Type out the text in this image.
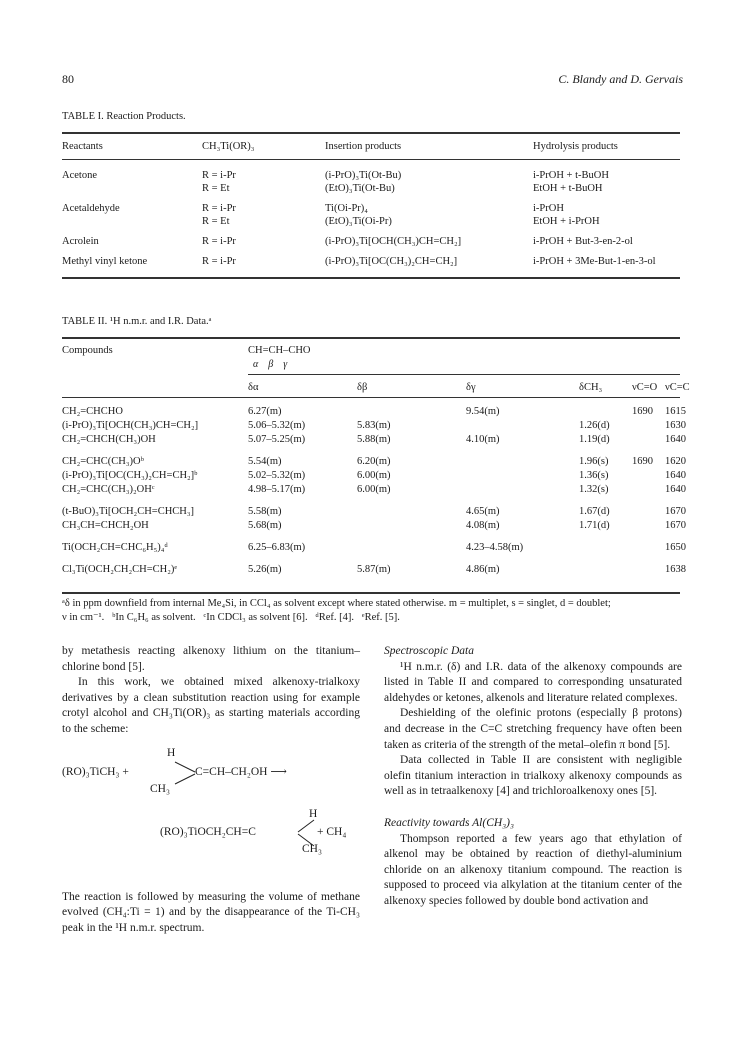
80	C. Blandy and D. Gervais
TABLE I. Reaction Products.
Reactants	CH₃Ti(OR)₃	Insertion products	Hydrolysis products
Acetone	R = i-Pr	(i-PrO)₃Ti(Ot-Bu)	i-PrOH + t-BuOH
	R = Et	(EtO)₃Ti(Ot-Bu)	EtOH + t-BuOH
Acetaldehyde	R = i-Pr	Ti(Oi-Pr)₄	i-PrOH
	R = Et	(EtO)₃Ti(Oi-Pr)	EtOH + i-PrOH
Acrolein	R = i-Pr	(i-PrO)₃Ti[OCH(CH₃)CH=CH₂]	i-PrOH + But-3-en-2-ol
Methyl vinyl ketone	R = i-Pr	(i-PrO)₃Ti[OC(CH₃)₂CH=CH₂]	i-PrOH + 3Me-But-1-en-3-ol
TABLE II. ¹H n.m.r. and I.R. Data.ᵃ
Compounds	CH=CH–CHO
α    β    γ
	δα	δβ	δγ	δCH₃	νC=O	νC=C
CH₂=CHCHO	6.27(m)		9.54(m)		1690	1615
(i-PrO)₃Ti[OCH(CH₃)CH=CH₂]	5.06–5.32(m)	5.83(m)		1.26(d)		1630
CH₂=CHCH(CH₃)OH	5.07–5.25(m)	5.88(m)	4.10(m)	1.19(d)		1640
CH₂=CHC(CH₃)Oᵇ	5.54(m)	6.20(m)		1.96(s)	1690	1620
(i-PrO)₃Ti[OC(CH₃)₂CH=CH₂]ᵇ	5.02–5.32(m)	6.00(m)		1.36(s)		1640
CH₂=CHC(CH₃)₂OHᶜ	4.98–5.17(m)	6.00(m)		1.32(s)		1640
(t-BuO)₃Ti[OCH₂CH=CHCH₃]	5.58(m)		4.65(m)	1.67(d)		1670
CH₃CH=CHCH₂OH	5.68(m)		4.08(m)	1.71(d)		1670
Ti(OCH₂CH=CHC₆H₅)₄ᵈ	6.25–6.83(m)		4.23–4.58(m)			1650
Cl₃Ti(OCH₂CH₂CH=CH₂)ᵉ	5.26(m)	5.87(m)	4.86(m)			1638
ᵃδ in ppm downfield from internal Me₄Si, in CCl₄ as solvent except where stated otherwise. m = multiplet, s = singlet, d = doublet;
ν in cm⁻¹.   ᵇIn C₆H₆ as solvent.   ᶜIn CDCl₃ as solvent [6].   ᵈRef. [4].   ᵉRef. [5].

by metathesis reacting alkenoxy lithium on the titanium–chlorine bond [5].

In this work, we obtained mixed alkenoxy-trialkoxy derivatives by a clean substitution reaction using for example crotyl alcohol and CH₃Ti(OR)₃ as starting materials according to the scheme:

H
(RO)₃TiCH₃ +	C=CH–CH₂OH ⟶
CH₃
H
(RO)₃TiOCH₂CH=C	+ CH₄
CH₃

The reaction is followed by measuring the volume of methane evolved (CH₄:Ti = 1) and by the disappearance of the Ti-CH₃ peak in the ¹H n.m.r. spectrum.

Spectroscopic Data

¹H n.m.r. (δ) and I.R. data of the alkenoxy compounds are listed in Table II and compared to corresponding unsaturated aldehydes or ketones, alkenols and literature related complexes.

Deshielding of the olefinic protons (especially β protons) and decrease in the C=C stretching frequency have often been taken as criteria of the strength of the metal–olefin π bond [5].

Data collected in Table II are consistent with negligible olefin titanium interaction in trialkoxy alkenoxy compounds as well as in tetraalkenoxy [4] and trichloroalkenoxy ones [5].

Reactivity towards Al(CH₃)₃

Thompson reported a few years ago that ethylation of alkenol may be obtained by reaction of diethyl-aluminium chloride on an alkenoxy titanium compound. The reaction is supposed to proceed via alkylation at the titanium center of the alkenoxy species followed by double bond activation and
